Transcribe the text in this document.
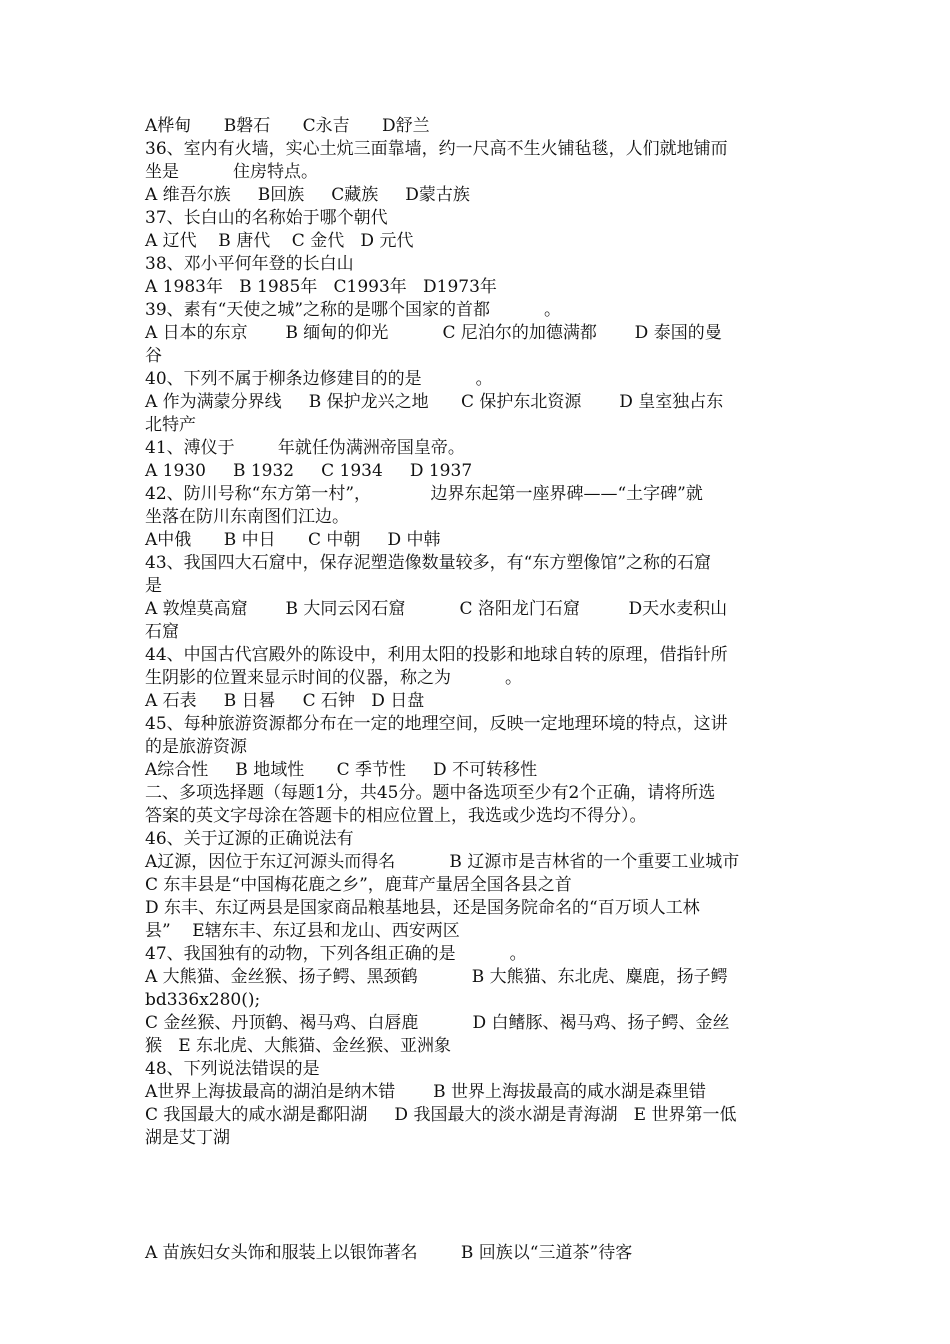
A桦甸      B磐石      C永吉      D舒兰
36、室内有火墙，实心土炕三面靠墙，约一尺高不生火铺毡毯，人们就地铺而
坐是          住房特点。
A 维吾尔族     B回族     C藏族     D蒙古族
37、长白山的名称始于哪个朝代
A 辽代    B 唐代    C 金代   D 元代
38、邓小平何年登的长白山
A 1983年   B 1985年   C1993年   D1973年
39、素有“天使之城”之称的是哪个国家的首都          。
A 日本的东京       B 缅甸的仰光          C 尼泊尔的加德满都       D 泰国的曼
谷
40、下列不属于柳条边修建目的的是          。
A 作为满蒙分界线     B 保护龙兴之地      C 保护东北资源       D 皇室独占东
北特产
41、溥仪于        年就任伪满洲帝国皇帝。
A 1930     B 1932     C 1934     D 1937
42、防川号称“东方第一村”，           边界东起第一座界碑——“土字碑”就
坐落在防川东南图们江边。
A中俄      B 中日      C 中朝     D 中韩
43、我国四大石窟中，保存泥塑造像数量较多，有“东方塑像馆”之称的石窟
是
A 敦煌莫高窟       B 大同云冈石窟          C 洛阳龙门石窟         D天水麦积山
石窟
44、中国古代宫殿外的陈设中，利用太阳的投影和地球自转的原理，借指针所
生阴影的位置来显示时间的仪器，称之为          。
A 石表     B 日晷     C 石钟   D 日盘
45、每种旅游资源都分布在一定的地理空间，反映一定地理环境的特点，这讲
的是旅游资源
A综合性     B 地域性      C 季节性     D 不可转移性
二、多项选择题（每题1分，共45分。题中备选项至少有2个正确，请将所选
答案的英文字母涂在答题卡的相应位置上，我选或少选均不得分）。
46、关于辽源的正确说法有
A辽源，因位于东辽河源头而得名          B 辽源市是吉林省的一个重要工业城市
C 东丰县是“中国梅花鹿之乡”，鹿茸产量居全国各县之首
D 东丰、东辽两县是国家商品粮基地县，还是国务院命名的“百万顷人工林
县”    E辖东丰、东辽县和龙山、西安两区
47、我国独有的动物，下列各组正确的是          。
A 大熊猫、金丝猴、扬子鳄、黑颈鹤          B 大熊猫、东北虎、麋鹿，扬子鳄
bd336x280();
C 金丝猴、丹顶鹤、褐马鸡、白唇鹿          D 白鳍豚、褐马鸡、扬子鳄、金丝
猴   E 东北虎、大熊猫、金丝猴、亚洲象
48、下列说法错误的是
A世界上海拔最高的湖泊是纳木错       B 世界上海拔最高的咸水湖是森里错
C 我国最大的咸水湖是鄱阳湖     D 我国最大的淡水湖是青海湖   E 世界第一低
湖是艾丁湖
A 苗族妇女头饰和服装上以银饰著名        B 回族以“三道茶”待客
